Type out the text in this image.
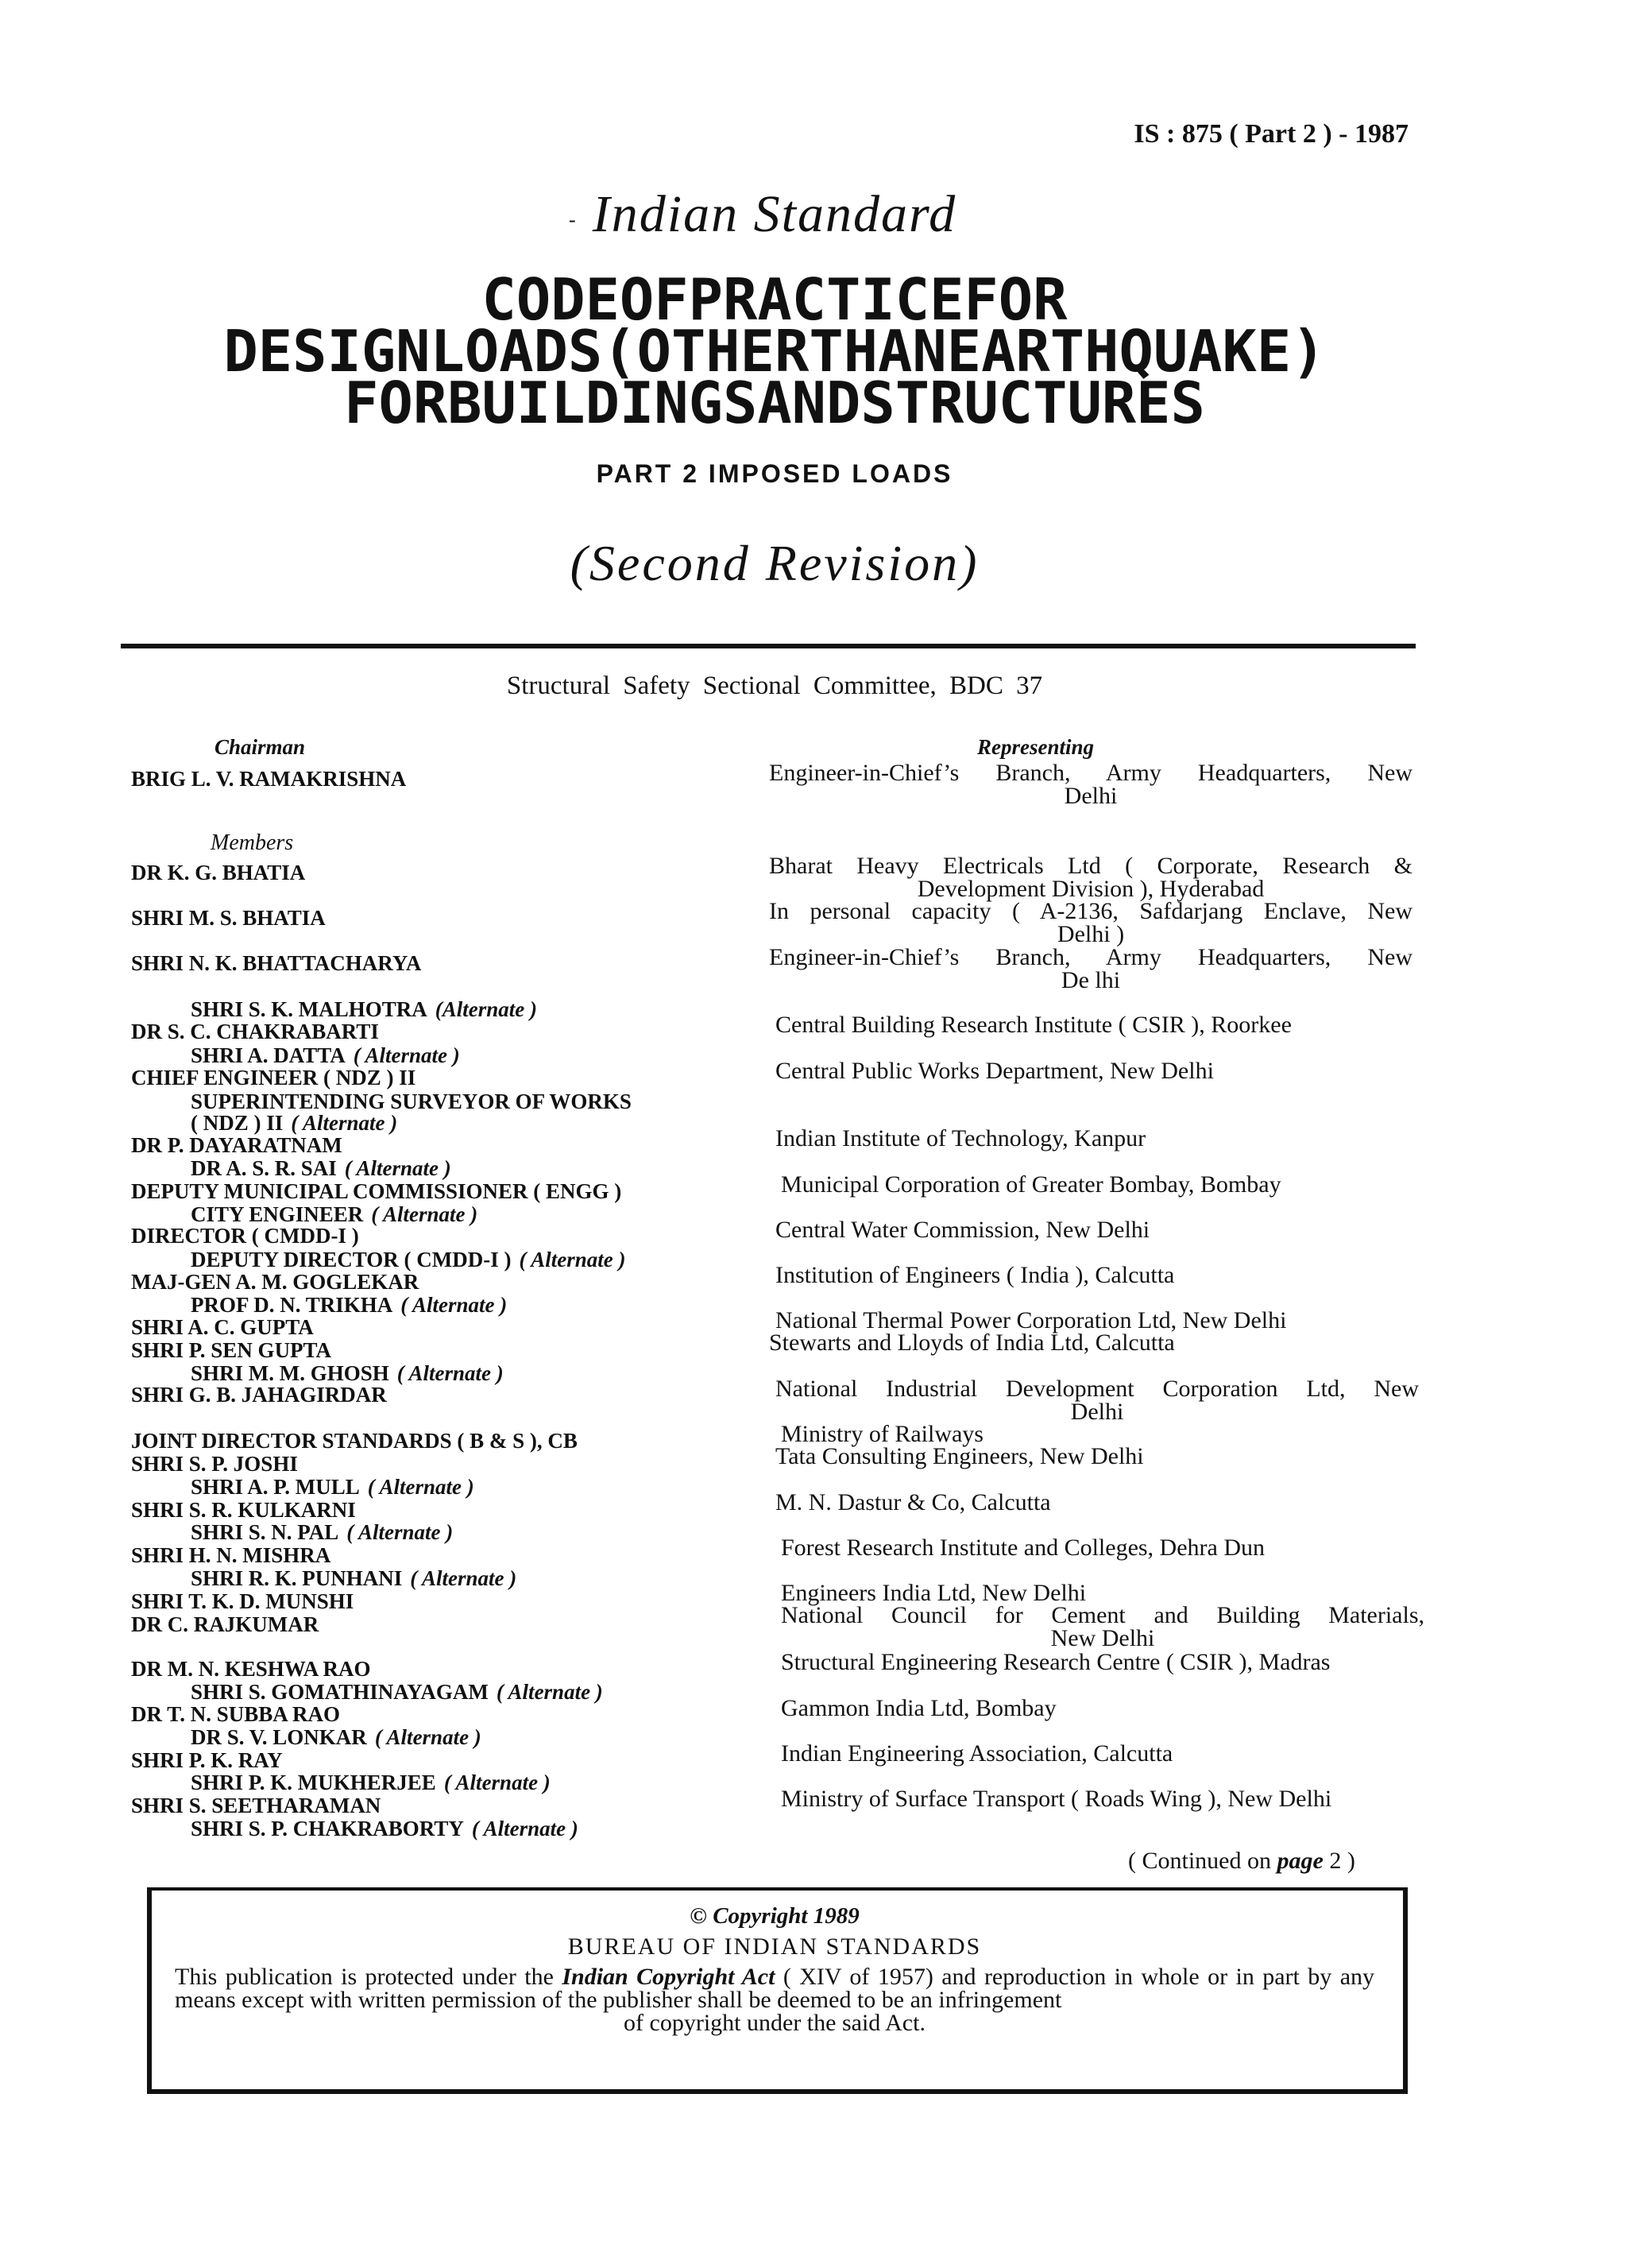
IS : 875 ( Part 2 ) - 1987
- Indian Standard
CODEOFPRACTICEFOR
DESIGNLOADS(OTHERTHANEARTHQUAKE)
FORBUILDINGSANDSTRUCTURES
PART 2 IMPOSED LOADS
(Second Revision)
Structural Safety Sectional Committee, BDC 37
Chairman	Representing
Members
BRIG L. V. RAMAKRISHNA	Engineer-in-Chief’s Branch, Army Headquarters, New
Delhi
DR K. G. BHATIA	Bharat Heavy Electricals Ltd ( Corporate, Research &
Development Division ), Hyderabad
SHRI M. S. BHATIA	In personal capacity ( A-2136, Safdarjang Enclave, New
Delhi )
SHRI N. K. BHATTACHARYA	Engineer-in-Chief’s Branch, Army Headquarters, New
De lhi
SHRI S. K. MALHOTRA (Alternate )
DR S. C. CHAKRABARTI	Central Building Research Institute ( CSIR ), Roorkee
SHRI A. DATTA ( Alternate )
CHIEF ENGINEER ( NDZ ) II	Central Public Works Department, New Delhi
SUPERINTENDING SURVEYOR OF WORKS
( NDZ ) II ( Alternate )
DR P. DAYARATNAM	Indian Institute of Technology, Kanpur
DR A. S. R. SAI ( Alternate )
DEPUTY MUNICIPAL COMMISSIONER ( ENGG )	Municipal Corporation of Greater Bombay, Bombay
CITY ENGINEER ( Alternate )
DIRECTOR ( CMDD-I )	Central Water Commission, New Delhi
DEPUTY DIRECTOR ( CMDD-I ) ( Alternate )
MAJ-GEN A. M. GOGLEKAR	Institution of Engineers ( India ), Calcutta
PROF D. N. TRIKHA ( Alternate )
SHRI A. C. GUPTA	National Thermal Power Corporation Ltd, New Delhi
SHRI P. SEN GUPTA	Stewarts and Lloyds of India Ltd, Calcutta
SHRI M. M. GHOSH ( Alternate )
SHRI G. B. JAHAGIRDAR	National Industrial Development Corporation Ltd, New
Delhi
JOINT DIRECTOR STANDARDS ( B & S ), CB	Ministry of Railways
SHRI S. P. JOSHI	Tata Consulting Engineers, New Delhi
SHRI A. P. MULL ( Alternate )
SHRI S. R. KULKARNI	M. N. Dastur & Co, Calcutta
SHRI S. N. PAL ( Alternate )
SHRI H. N. MISHRA	Forest Research Institute and Colleges, Dehra Dun
SHRI R. K. PUNHANI ( Alternate )
SHRI T. K. D. MUNSHI	Engineers India Ltd, New Delhi
DR C. RAJKUMAR	National Council for Cement and Building Materials,
New Delhi
DR M. N. KESHWA RAO	Structural Engineering Research Centre ( CSIR ), Madras
SHRI S. GOMATHINAYAGAM ( Alternate )
DR T. N. SUBBA RAO	Gammon India Ltd, Bombay
DR S. V. LONKAR ( Alternate )
SHRI P. K. RAY	Indian Engineering Association, Calcutta
SHRI P. K. MUKHERJEE ( Alternate )
SHRI S. SEETHARAMAN	Ministry of Surface Transport ( Roads Wing ), New Delhi
SHRI S. P. CHAKRABORTY ( Alternate )
( Continued on page 2 )
© Copyright 1989
BUREAU OF INDIAN STANDARDS
This publication is protected under the Indian Copyright Act ( XIV of 1957) and reproduction in whole or in part by any means except with written permission of the publisher shall be deemed to be an infringement
of copyright under the said Act.
